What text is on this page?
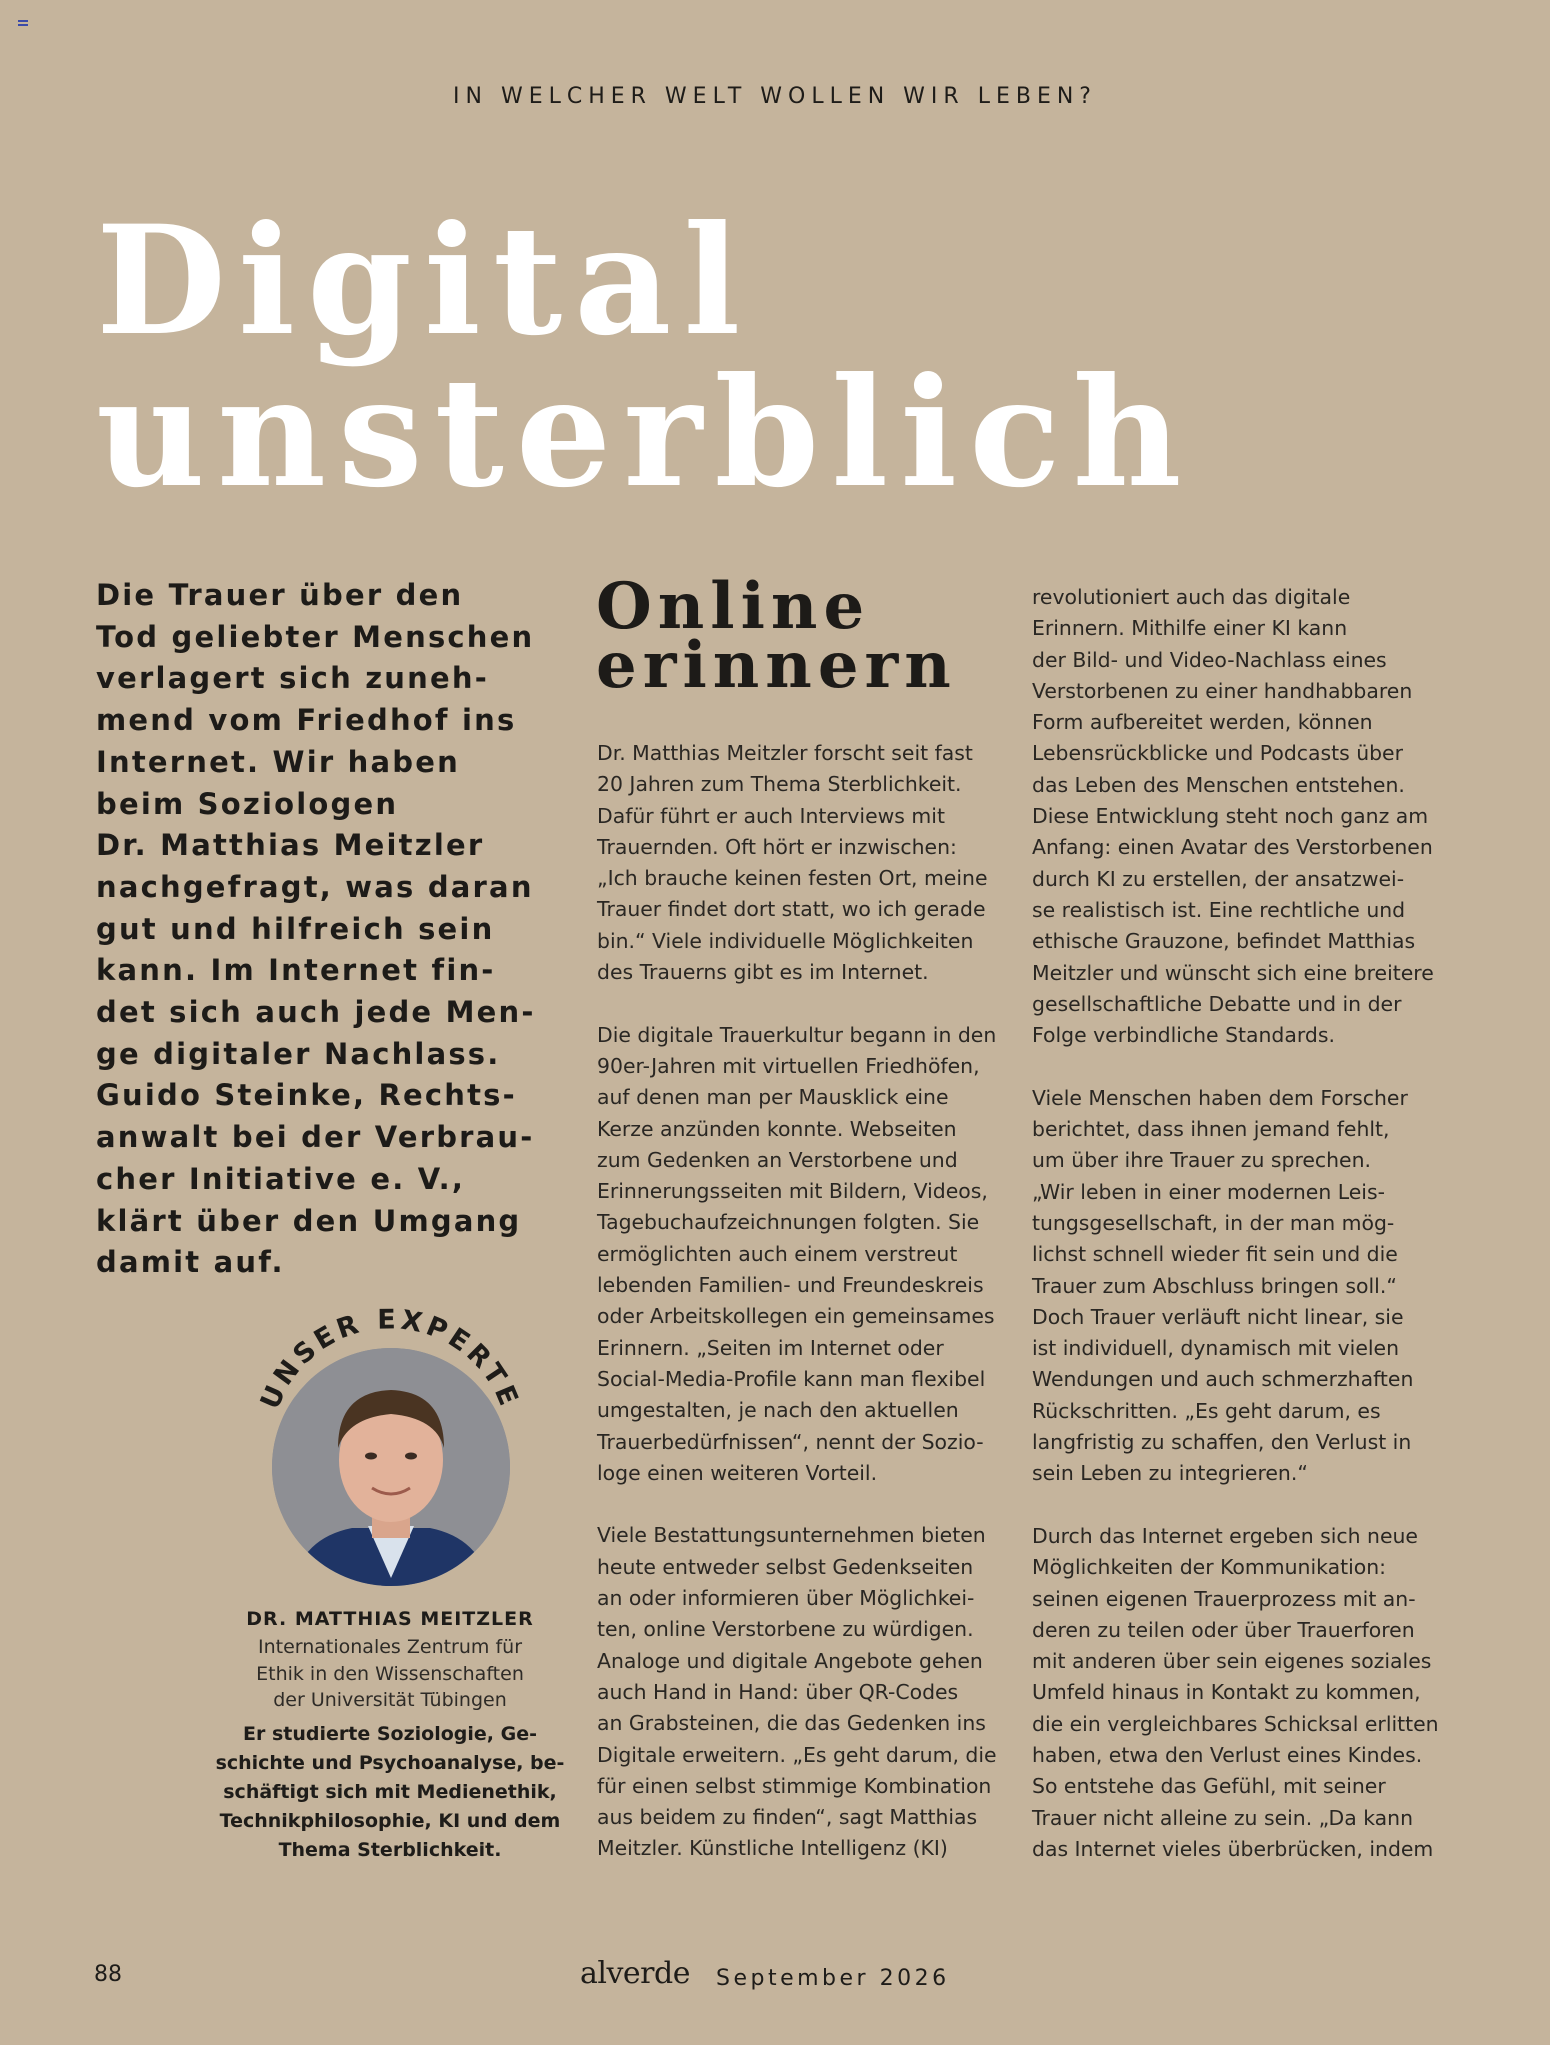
IN WELCHER WELT WOLLEN WIR LEBEN?
Digital
unsterblich
Die Trauer über den
Tod geliebter Menschen
verlagert sich zuneh-
mend vom Friedhof ins
Internet. Wir haben
beim Soziologen
Dr. Matthias Meitzler
nachgefragt, was daran
gut und hilfreich sein
kann. Im Internet fin-
det sich auch jede Men-
ge digitaler Nachlass.
Guido Steinke, Rechts-
anwalt bei der Verbrau-
cher Initiative e. V.,
klärt über den Umgang
damit auf.
UNSER EXPERTE
DR. MATTHIAS MEITZLER
Internationales Zentrum für
Ethik in den Wissenschaften
der Universität Tübingen
Er studierte Soziologie, Ge-
schichte und Psychoanalyse, be-
schäftigt sich mit Medienethik,
Technikphilosophie, KI und dem
Thema Sterblichkeit.
Online
erinnern

Dr. Matthias Meitzler forscht seit fast
20 Jahren zum Thema Sterblichkeit.
Dafür führt er auch Interviews mit
Trauernden. Oft hört er inzwischen:
„Ich brauche keinen festen Ort, meine
Trauer findet dort statt, wo ich gerade
bin.“ Viele individuelle Möglichkeiten
des Trauerns gibt es im Internet.

Die digitale Trauerkultur begann in den
90er-Jahren mit virtuellen Friedhöfen,
auf denen man per Mausklick eine
Kerze anzünden konnte. Webseiten
zum Gedenken an Verstorbene und
Erinnerungsseiten mit Bildern, Videos,
Tagebuchaufzeichnungen folgten. Sie
ermöglichten auch einem verstreut
lebenden Familien- und Freundeskreis
oder Arbeitskollegen ein gemeinsames
Erinnern. „Seiten im Internet oder
Social-Media-Profile kann man flexibel
umgestalten, je nach den aktuellen
Trauerbedürfnissen“, nennt der Sozio-
loge einen weiteren Vorteil.

Viele Bestattungsunternehmen bieten
heute entweder selbst Gedenkseiten
an oder informieren über Möglichkei-
ten, online Verstorbene zu würdigen.
Analoge und digitale Angebote gehen
auch Hand in Hand: über QR-Codes
an Grabsteinen, die das Gedenken ins
Digitale erweitern. „Es geht darum, die
für einen selbst stimmige Kombination
aus beidem zu finden“, sagt Matthias
Meitzler. Künstliche Intelligenz (KI)

revolutioniert auch das digitale
Erinnern. Mithilfe einer KI kann
der Bild- und Video-Nachlass eines
Verstorbenen zu einer handhabbaren
Form aufbereitet werden, können
Lebensrückblicke und Podcasts über
das Leben des Menschen entstehen.
Diese Entwicklung steht noch ganz am
Anfang: einen Avatar des Verstorbenen
durch KI zu erstellen, der ansatzwei-
se realistisch ist. Eine rechtliche und
ethische Grauzone, befindet Matthias
Meitzler und wünscht sich eine breitere
gesellschaftliche Debatte und in der
Folge verbindliche Standards.

Viele Menschen haben dem Forscher
berichtet, dass ihnen jemand fehlt,
um über ihre Trauer zu sprechen.
„Wir leben in einer modernen Leis-
tungsgesellschaft, in der man mög-
lichst schnell wieder fit sein und die
Trauer zum Abschluss bringen soll.“
Doch Trauer verläuft nicht linear, sie
ist individuell, dynamisch mit vielen
Wendungen und auch schmerzhaften
Rückschritten. „Es geht darum, es
langfristig zu schaffen, den Verlust in
sein Leben zu integrieren.“

Durch das Internet ergeben sich neue
Möglichkeiten der Kommunikation:
seinen eigenen Trauerprozess mit an-
deren zu teilen oder über Trauerforen
mit anderen über sein eigenes soziales
Umfeld hinaus in Kontakt zu kommen,
die ein vergleichbares Schicksal erlitten
haben, etwa den Verlust eines Kindes.
So entstehe das Gefühl, mit seiner
Trauer nicht alleine zu sein. „Da kann
das Internet vieles überbrücken, indem

88	alverde September 2026
